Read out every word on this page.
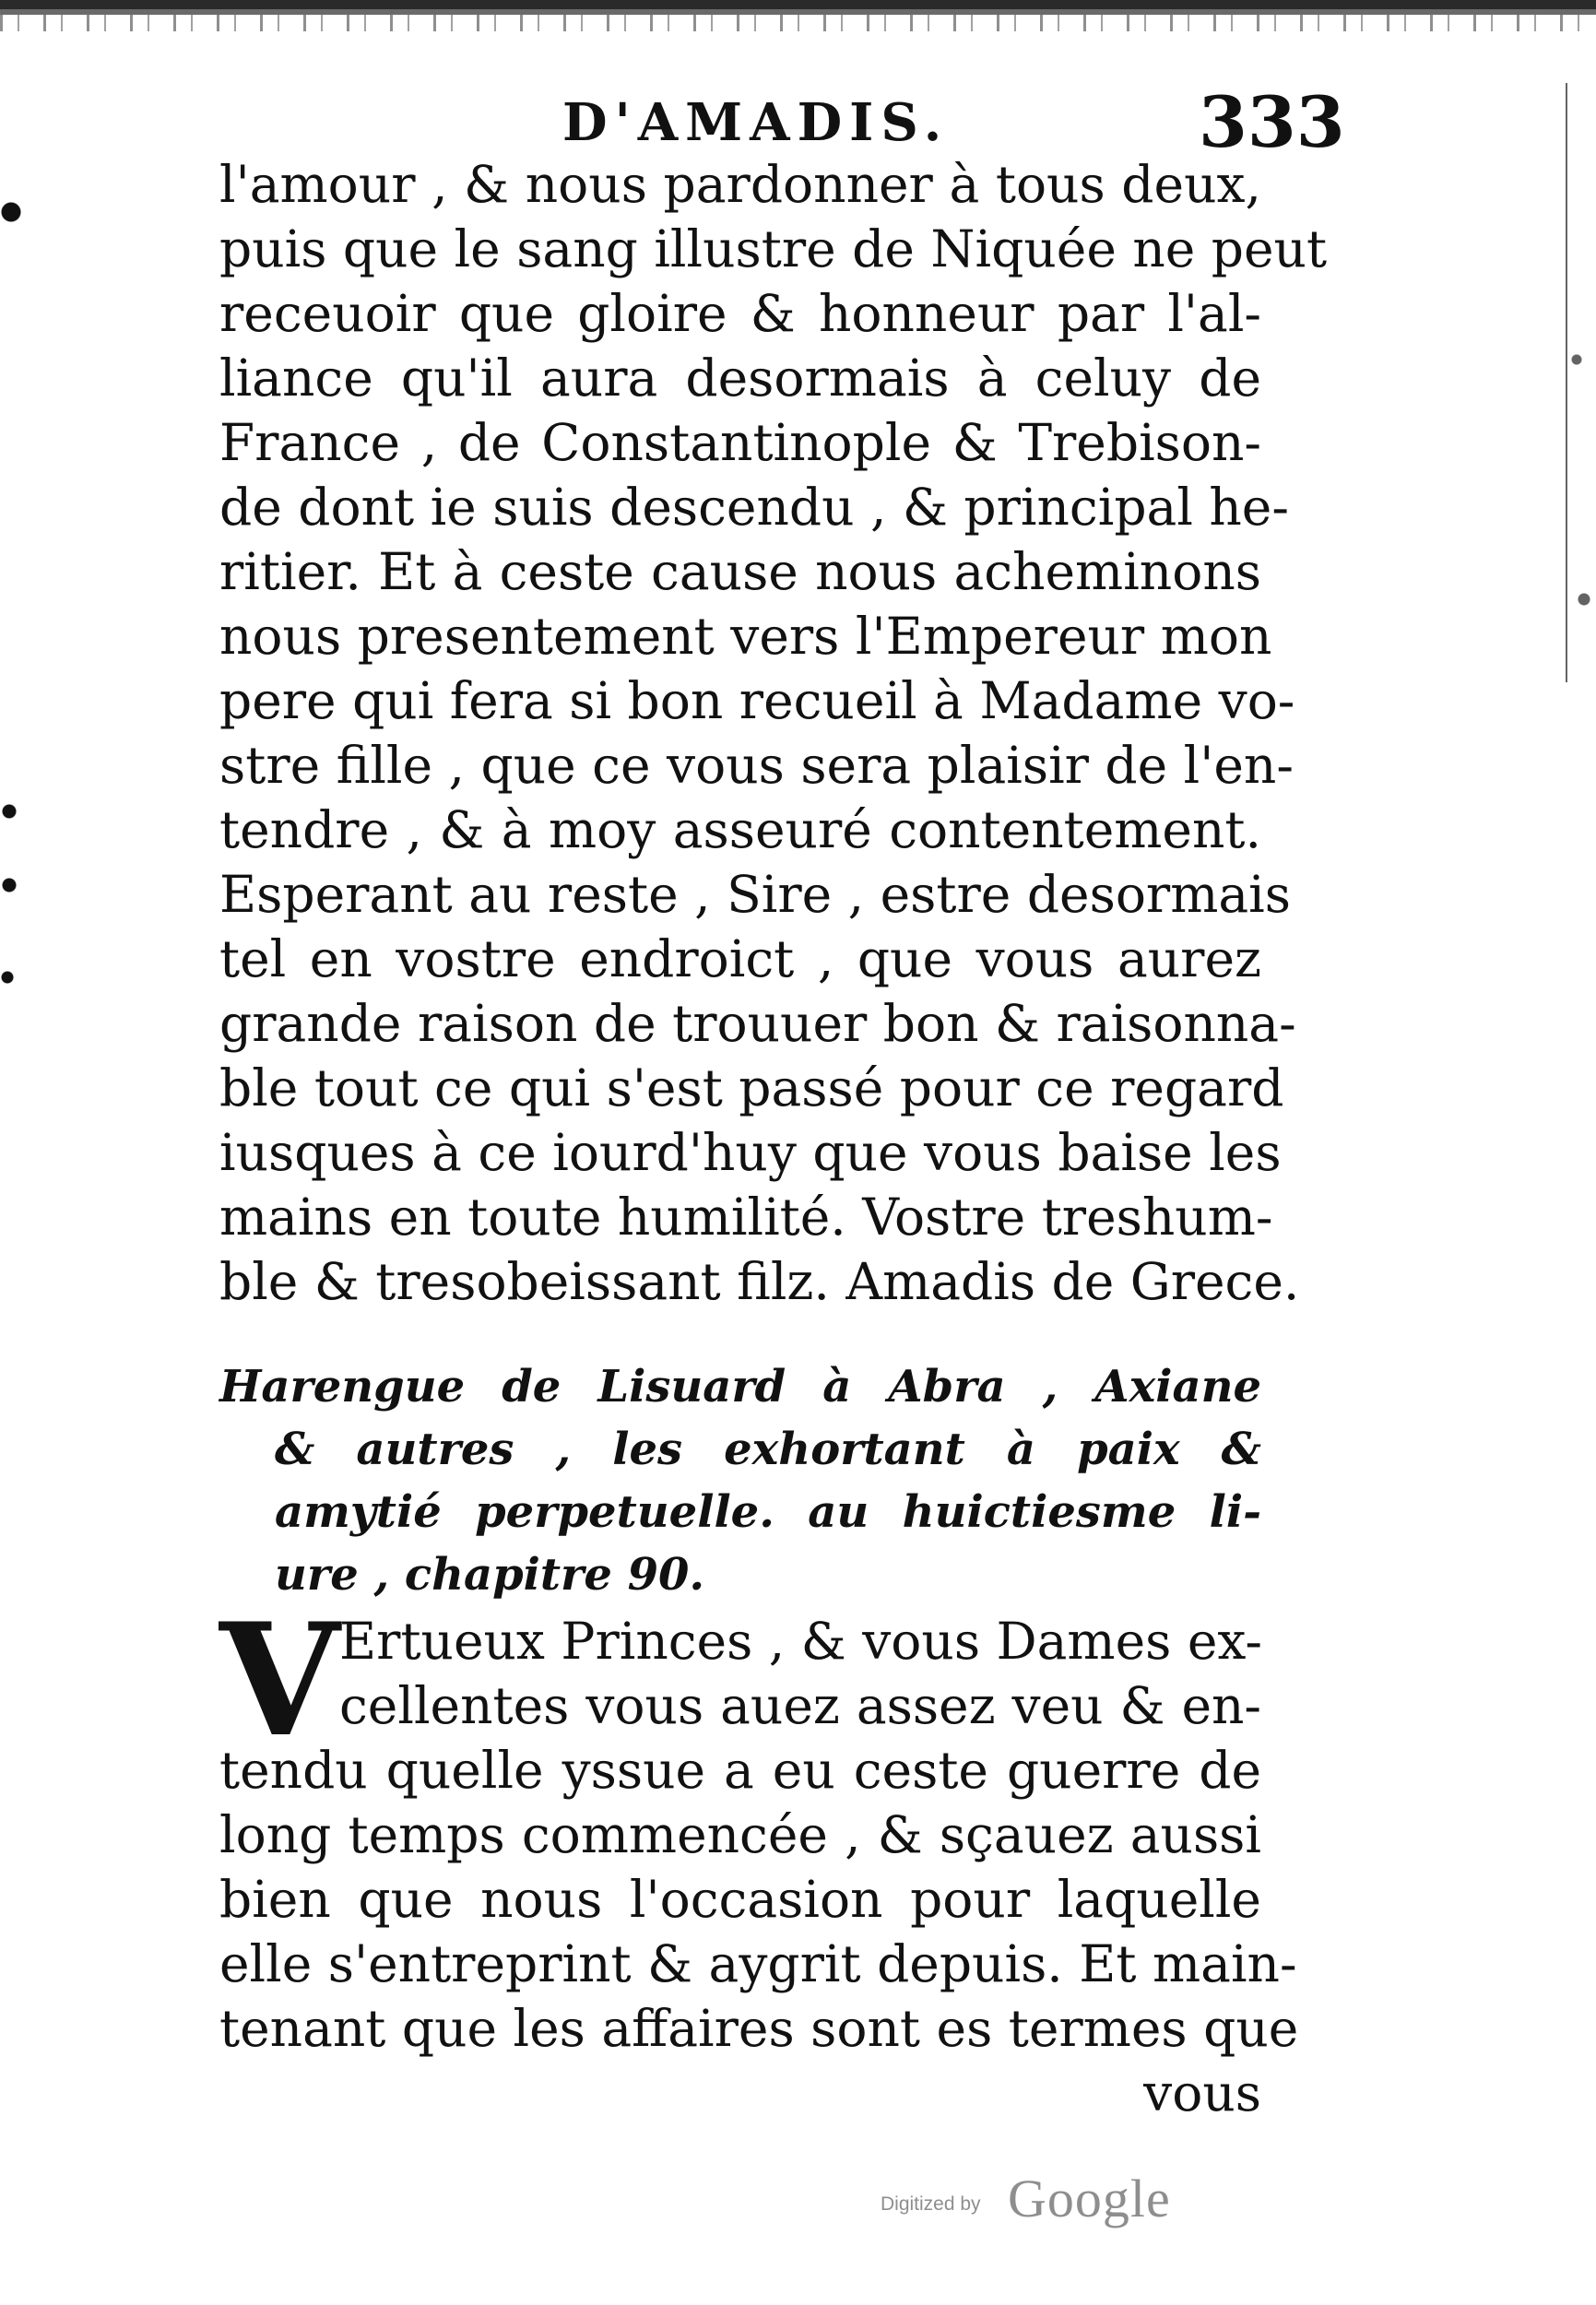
D'AMADIS.	333
l'amour , & nous pardonner à tous deux,
puis que le sang illustre de Niquée ne peut
receuoir que gloire & honneur par l'al-
liance qu'il aura desormais à celuy de
France , de Constantinople & Trebison-
de dont ie suis descendu , & principal he-
ritier. Et à ceste cause nous acheminons
nous presentement vers l'Empereur mon
pere qui fera si bon recueil à Madame vo-
stre fille , que ce vous sera plaisir de l'en-
tendre , & à moy asseuré contentement.
Esperant au reste , Sire , estre desormais
tel en vostre endroict , que vous aurez
grande raison de trouuer bon & raisonna-
ble tout ce qui s'est passé pour ce regard
iusques à ce iourd'huy que vous baise les
mains en toute humilité. Vostre treshum-
ble & tresobeissant filz. Amadis de Grece.
Harengue de Lisuard à Abra , Axiane
& autres , les exhortant à paix &
amytié perpetuelle. au huictiesme li-
ure , chapitre 90.
V Ertueux Princes , & vous Dames ex-
cellentes vous auez assez veu & en-
tendu quelle yssue a eu ceste guerre de
long temps commencée , & sçauez aussi
bien que nous l'occasion pour laquelle
elle s'entreprint & aygrit depuis. Et main-
tenant que les affaires sont es termes que
vous
Digitized by Google
